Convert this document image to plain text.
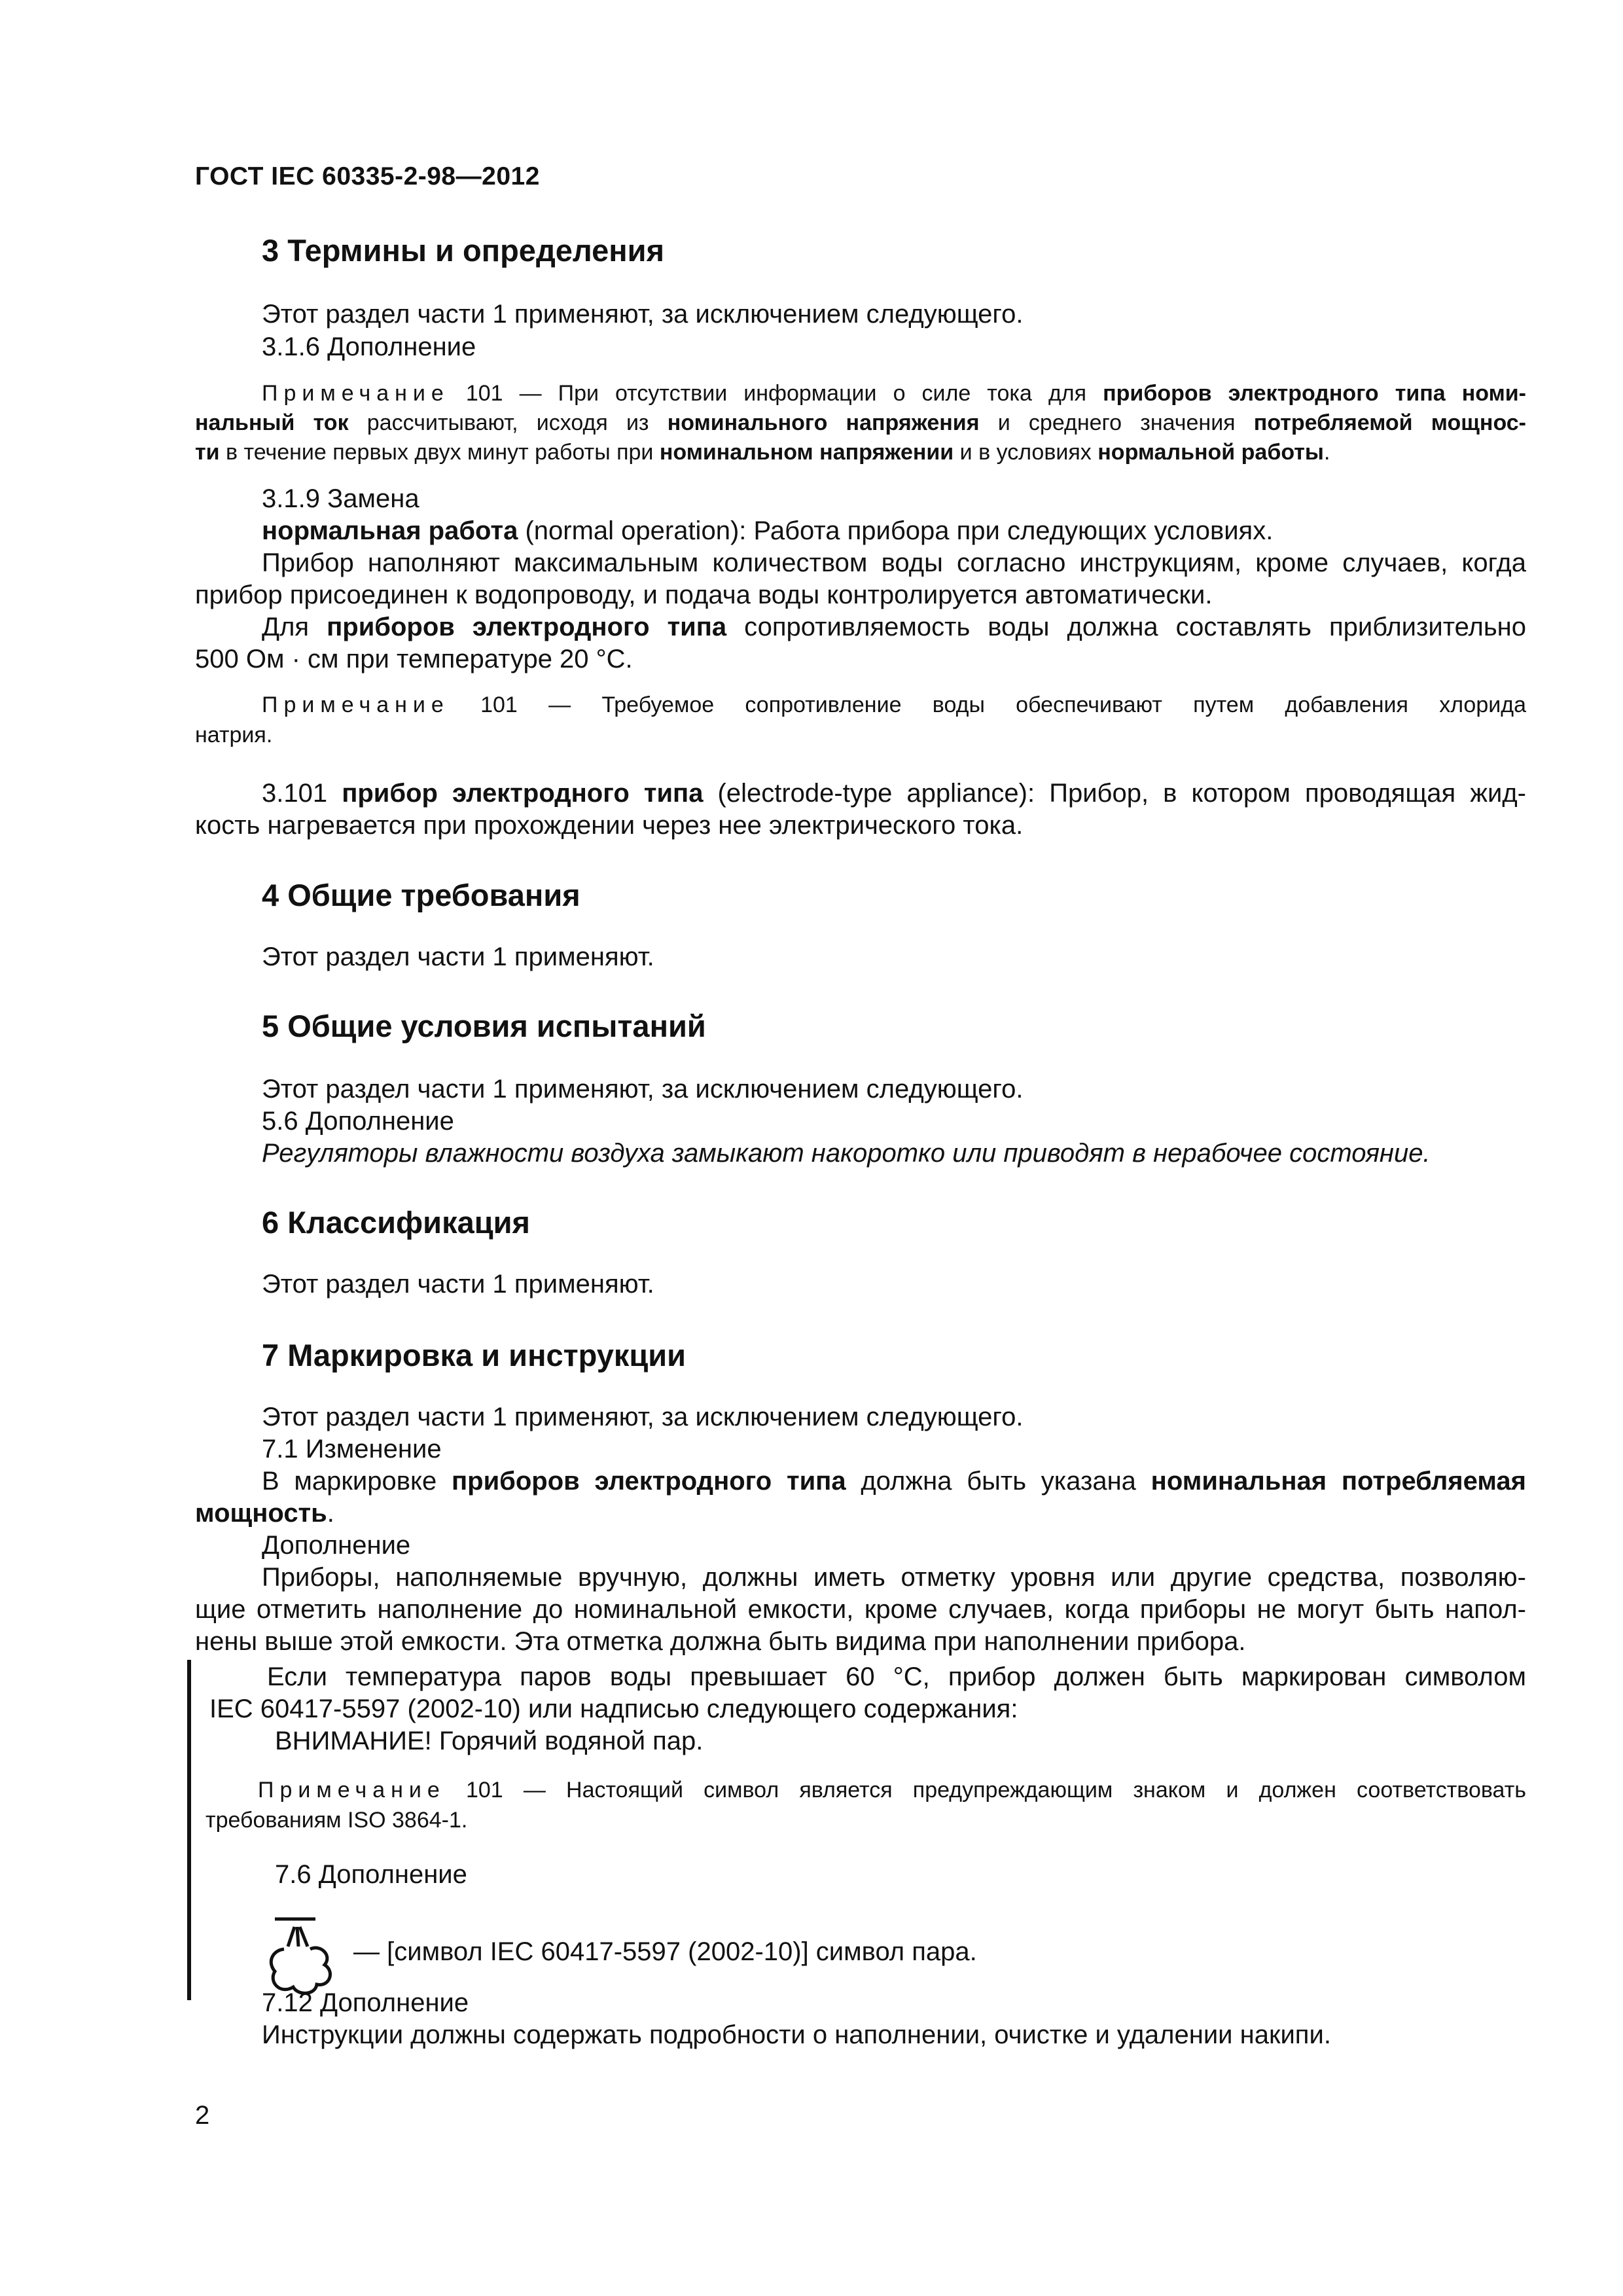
ГОСТ IEC 60335-2-98—2012
3 Термины и определения
Этот раздел части 1 применяют, за исключением следующего.
3.1.6 Дополнение
Примечание 101 — При отсутствии информации о силе тока для приборов электродного типа номи-
нальный ток рассчитывают, исходя из номинального напряжения и среднего значения потребляемой мощнос-
ти в течение первых двух минут работы при номинальном напряжении и в условиях нормальной работы.
3.1.9 Замена
нормальная работа (normal operation): Работа прибора при следующих условиях.
Прибор наполняют максимальным количеством воды согласно инструкциям, кроме случаев, когда
прибор присоединен к водопроводу, и подача воды контролируется автоматически.
Для приборов электродного типа сопротивляемость воды должна составлять приблизительно
500 Ом · см при температуре 20 °С.
Примечание 101 — Требуемое сопротивление воды обеспечивают путем добавления хлорида
натрия.
3.101 прибор электродного типа (electrode-type appliance): Прибор, в котором проводящая жид-
кость нагревается при прохождении через нее электрического тока.
4 Общие требования
Этот раздел части 1 применяют.
5 Общие условия испытаний
Этот раздел части 1 применяют, за исключением следующего.
5.6 Дополнение
Регуляторы влажности воздуха замыкают накоротко или приводят в нерабочее состояние.
6 Классификация
Этот раздел части 1 применяют.
7 Маркировка и инструкции
Этот раздел части 1 применяют, за исключением следующего.
7.1 Изменение
В маркировке приборов электродного типа должна быть указана номинальная потребляемая
мощность.
Дополнение
Приборы, наполняемые вручную, должны иметь отметку уровня или другие средства, позволяю-
щие отметить наполнение до номинальной емкости, кроме случаев, когда приборы не могут быть напол-
нены выше этой емкости. Эта отметка должна быть видима при наполнении прибора.
Если температура паров воды превышает 60 °С, прибор должен быть маркирован символом
IEC 60417-5597 (2002-10) или надписью следующего содержания:
ВНИМАНИЕ! Горячий водяной пар.
Примечание 101 — Настоящий символ является предупреждающим знаком и должен соответствовать
требованиям ISO 3864-1.
7.6 Дополнение
— [символ IEC 60417-5597 (2002-10)] символ пара.
7.12 Дополнение
Инструкции должны содержать подробности о наполнении, очистке и удалении накипи.
2
